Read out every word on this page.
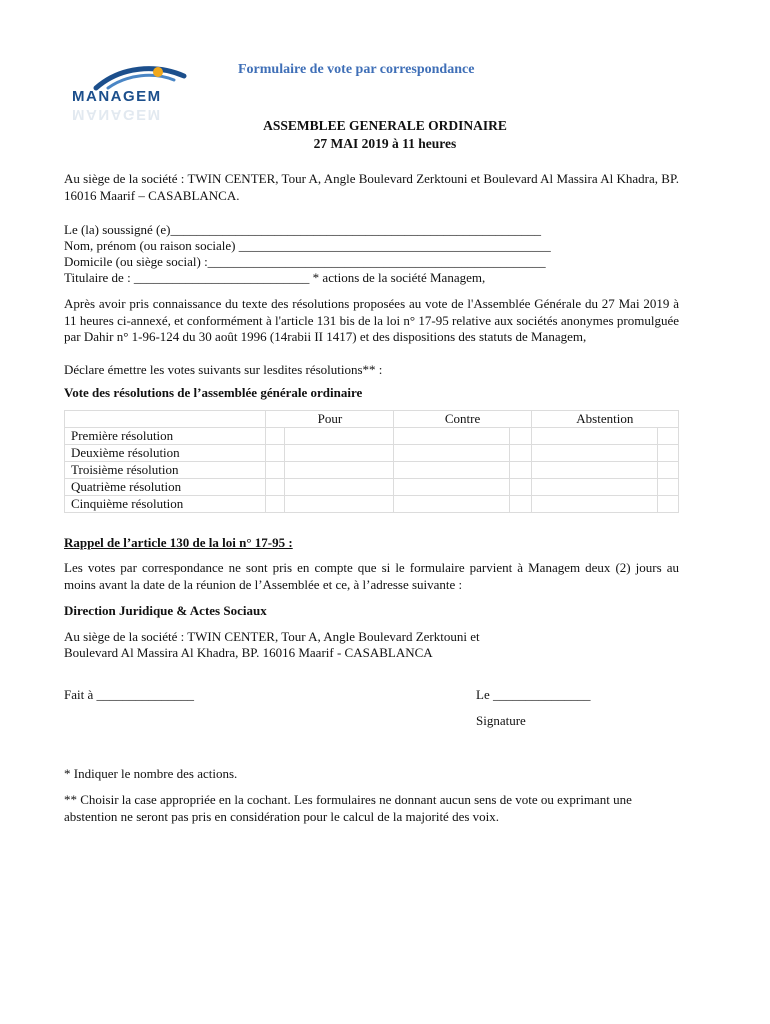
MANAGEM
MANAGEM
Formulaire de vote par correspondance
ASSEMBLEE GENERALE ORDINAIRE
27 MAI 2019 à 11 heures
Au siège de la société : TWIN CENTER, Tour A, Angle Boulevard Zerktouni et Boulevard Al Massira Al Khadra, BP. 16016 Maarif – CASABLANCA.
Le (la) soussigné (e)_________________________________________________________
Nom, prénom (ou raison sociale) ________________________________________________
Domicile (ou siège social) :____________________________________________________
Titulaire de : ___________________________ * actions de la société Managem,
Après avoir pris connaissance du texte des résolutions proposées au vote de l'Assemblée Générale du 27 Mai 2019 à 11 heures ci-annexé, et conformément à l'article 131 bis de la loi n° 17-95 relative aux sociétés anonymes promulguée par Dahir n° 1-96-124 du 30 août 1996 (14rabii II 1417) et des dispositions des statuts de Managem,
Déclare émettre les votes suivants sur lesdites résolutions** :
Vote des résolutions de l’assemblée générale ordinaire
	Pour		Contre		Abstention	
Première résolution						
Deuxième résolution						
Troisième résolution						
Quatrième résolution						
Cinquième résolution						
Rappel de l’article 130 de la loi n° 17-95 :
Les votes par correspondance ne sont pris en compte que si le formulaire parvient à Managem deux (2) jours au moins avant la date de la réunion de l’Assemblée et ce, à l’adresse suivante :
Direction Juridique & Actes Sociaux
Au siège de la société : TWIN CENTER, Tour A, Angle Boulevard Zerktouni et
Boulevard Al Massira Al Khadra, BP. 16016 Maarif - CASABLANCA
Fait à _______________	Le _______________
Signature
* Indiquer le nombre des actions.
** Choisir la case appropriée en la cochant. Les formulaires ne donnant aucun sens de vote ou exprimant une abstention ne seront pas pris en considération pour le calcul de la majorité des voix.
